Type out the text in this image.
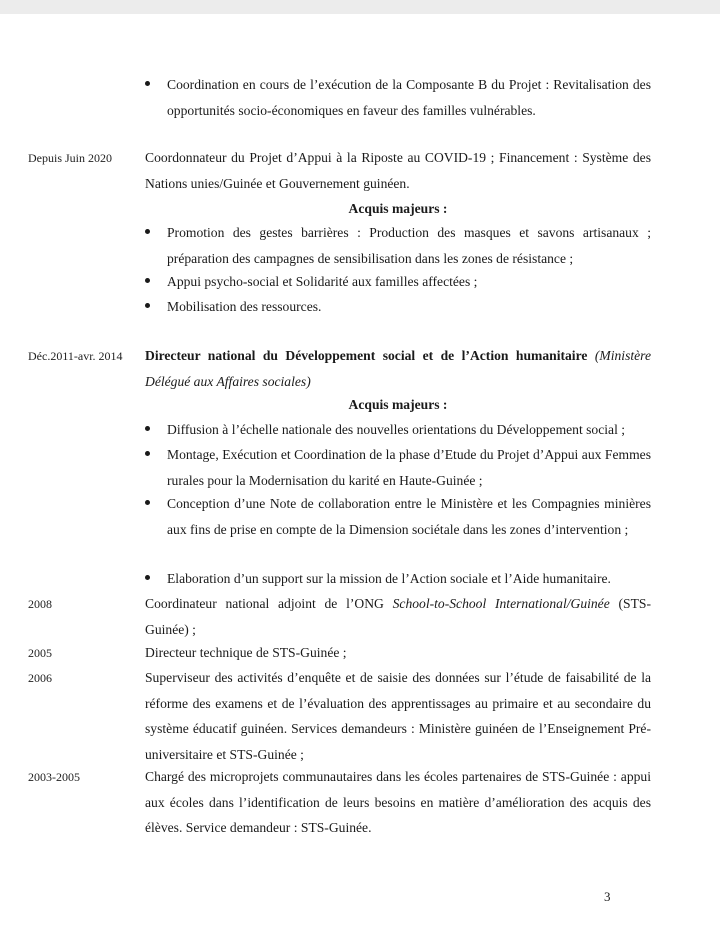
Coordination en cours de l’exécution de la Composante B du Projet : Revitalisation des opportunités socio-économiques en faveur des familles vulnérables.
Depuis Juin 2020 Coordonnateur du Projet d’Appui à la Riposte au COVID-19 ; Financement : Système des Nations unies/Guinée et Gouvernement guinéen.
Acquis majeurs :
Promotion des gestes barrières : Production des masques et savons artisanaux ; préparation des campagnes de sensibilisation dans les zones de résistance ;
Appui psycho-social et Solidarité aux familles affectées ;
Mobilisation des ressources.
Déc.2011-avr. 2014 Directeur national du Développement social et de l’Action humanitaire (Ministère Délégué aux Affaires sociales)
Acquis majeurs :
Diffusion à l’échelle nationale des nouvelles orientations du Développement social ;
Montage, Exécution et Coordination de la phase d’Etude du Projet d’Appui aux Femmes rurales pour la Modernisation du karité en Haute-Guinée ;
Conception d’une Note de collaboration entre le Ministère et les Compagnies minières aux fins de prise en compte de la Dimension sociétale dans les zones d’intervention ;
Elaboration d’un support sur la mission de l’Action sociale et l’Aide humanitaire.
2008	Coordinateur national adjoint de l’ONG School-to-School International/Guinée (STS-Guinée) ;
2005	Directeur technique de STS-Guinée ;
2006	Superviseur des activités d’enquête et de saisie des données sur l’étude de faisabilité de la réforme des examens et de l’évaluation des apprentissages au primaire et au secondaire du système éducatif guinéen. Services demandeurs : Ministère guinéen de l’Enseignement Pré-universitaire et STS-Guinée ;
2003-2005	Chargé des microprojets communautaires dans les écoles partenaires de STS-Guinée : appui aux écoles dans l’identification de leurs besoins en matière d’amélioration des acquis des élèves. Service demandeur : STS-Guinée.
3
